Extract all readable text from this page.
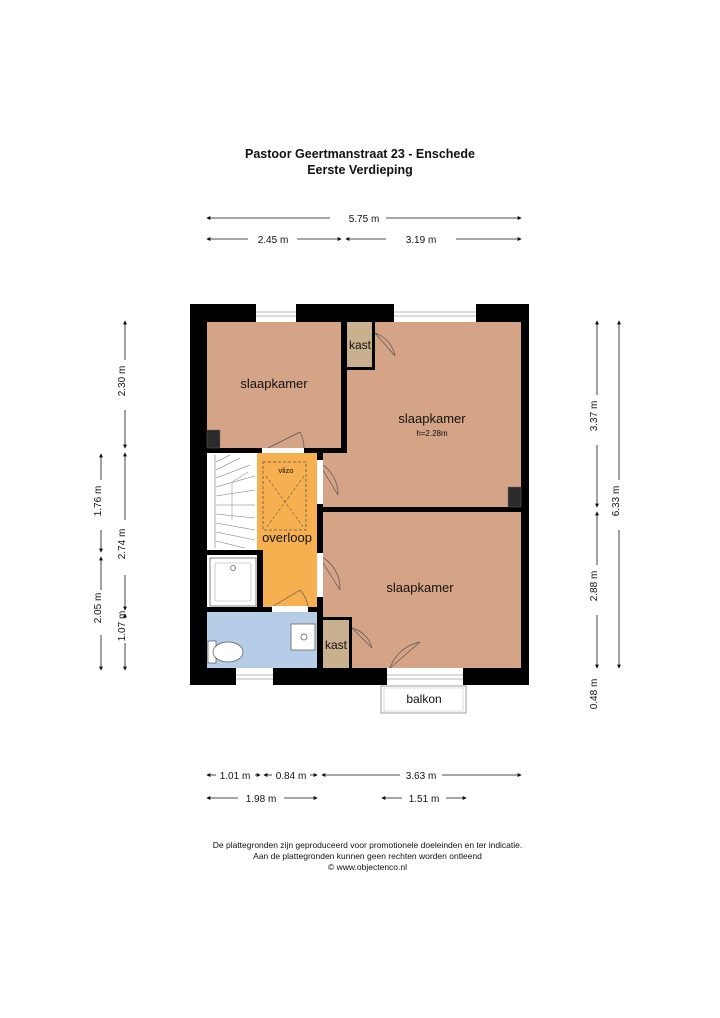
Pastoor Geertmanstraat 23 - Enschede
Eerste Verdieping
5.75 m
2.45 m	3.19 m
2.30 m
2.74 m
1.07 m
1.76 m
2.05 m
3.37 m
2.88 m
6.33 m
0.48 m
slaapkamer
slaapkamer
h=2.28m
slaapkamer
kast
kast
overloop
vlizo
balkon
1.01 m	0.84 m	3.63 m
1.98 m	1.51 m
De plattegronden zijn geproduceerd voor promotionele doeleinden en ter indicatie.
Aan de plattegronden kunnen geen rechten worden ontleend
© www.objectenco.nl
